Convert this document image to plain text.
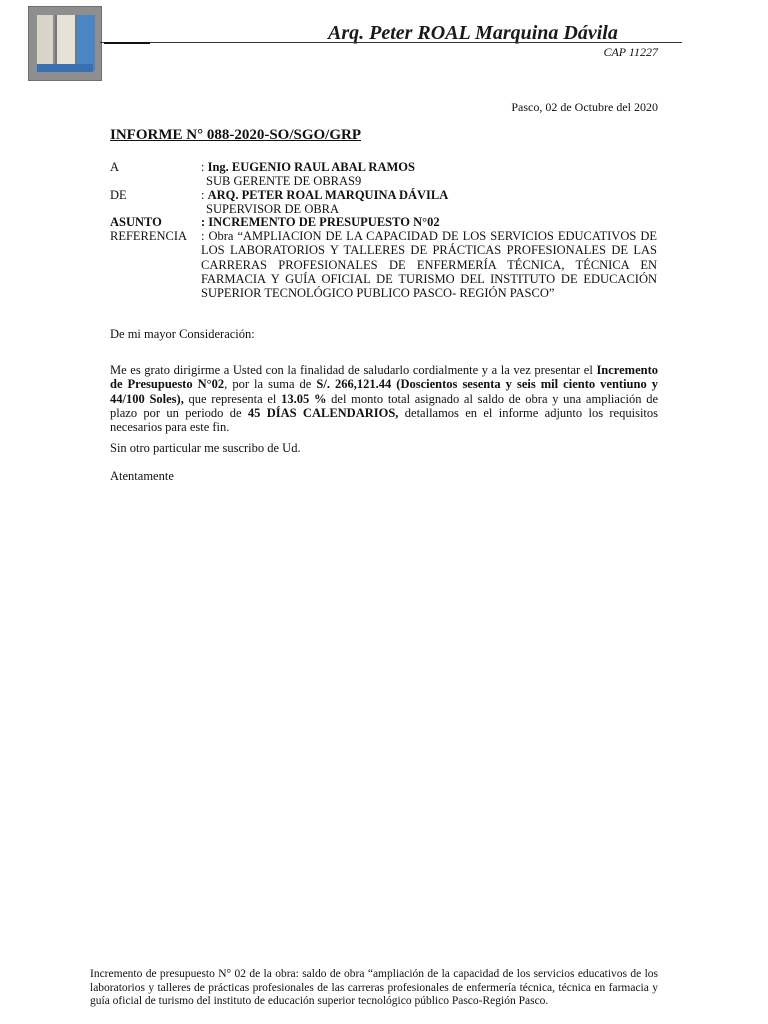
Arq. Peter ROAL Marquina Dávila
CAP 11227
Pasco, 02 de Octubre del 2020
INFORME N° 088-2020-SO/SGO/GRP
A	: Ing. EUGENIO RAUL ABAL RAMOS
SUB GERENTE DE OBRAS9
DE	: ARQ. PETER ROAL MARQUINA DÁVILA
SUPERVISOR DE OBRA
ASUNTO	: INCREMENTO DE PRESUPUESTO N°02
REFERENCIA : Obra “AMPLIACION DE LA CAPACIDAD DE LOS SERVICIOS EDUCATIVOS DE LOS LABORATORIOS Y TALLERES DE PRÁCTICAS PROFESIONALES DE LAS CARRERAS PROFESIONALES DE ENFERMERÍA TÉCNICA, TÉCNICA EN FARMACIA Y GUÍA OFICIAL DE TURISMO DEL INSTITUTO DE EDUCACIÓN SUPERIOR TECNOLÓGICO PUBLICO PASCO- REGIÓN PASCO”
De mi mayor Consideración:
Me es grato dirigirme a Usted con la finalidad de saludarlo cordialmente y a la vez presentar el Incremento de Presupuesto N°02, por la suma de S/. 266,121.44 (Doscientos sesenta y seis mil ciento ventiuno y 44/100 Soles), que representa el 13.05 % del monto total asignado al saldo de obra y una ampliación de plazo por un periodo de 45 DÍAS CALENDARIOS, detallamos en el informe adjunto los requisitos necesarios para este fin.
Sin otro particular me suscribo de Ud.
Atentamente
Incremento de presupuesto N° 02 de la obra: saldo de obra “ampliación de la capacidad de los servicios educativos de los laboratorios y talleres de prácticas profesionales de las carreras profesionales de enfermería técnica, técnica en farmacia y guía oficial de turismo del instituto de educación superior tecnológico público Pasco-Región Pasco.
